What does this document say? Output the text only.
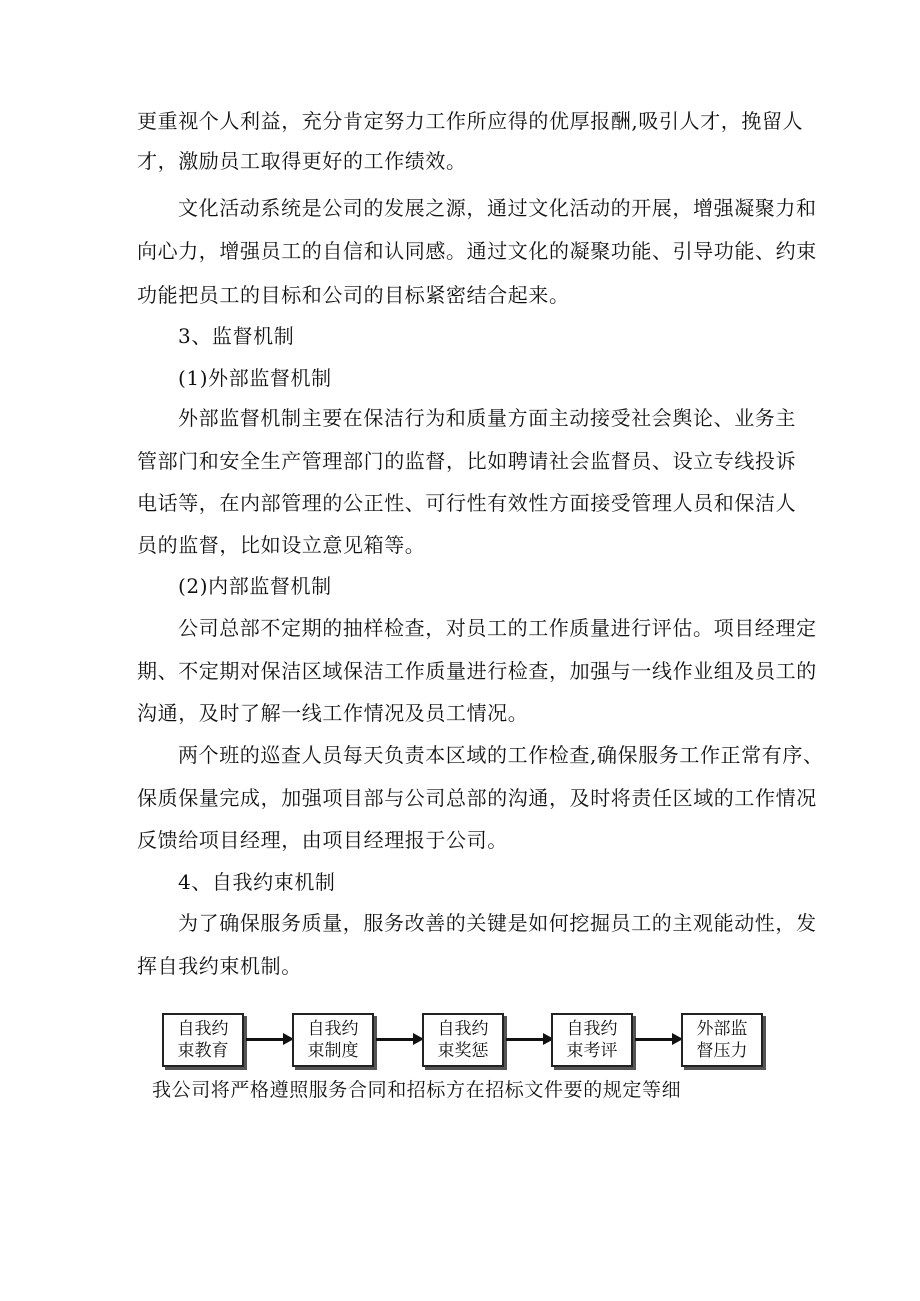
更重视个人利益，充分肯定努力工作所应得的优厚报酬,吸引人才，挽留人
才，激励员工取得更好的工作绩效。
文化活动系统是公司的发展之源，通过文化活动的开展，增强凝聚力和
向心力，增强员工的自信和认同感。通过文化的凝聚功能、引导功能、约束
功能把员工的目标和公司的目标紧密结合起来。
3、监督机制
(1)外部监督机制
外部监督机制主要在保洁行为和质量方面主动接受社会舆论、业务主
管部门和安全生产管理部门的监督，比如聘请社会监督员、设立专线投诉
电话等，在内部管理的公正性、可行性有效性方面接受管理人员和保洁人
员的监督，比如设立意见箱等。
(2)内部监督机制
公司总部不定期的抽样检查，对员工的工作质量进行评估。项目经理定
期、不定期对保洁区域保洁工作质量进行检查，加强与一线作业组及员工的
沟通，及时了解一线工作情况及员工情况。
两个班的巡查人员每天负责本区域的工作检查,确保服务工作正常有序、
保质保量完成，加强项目部与公司总部的沟通，及时将责任区域的工作情况
反馈给项目经理，由项目经理报于公司。
4、自我约束机制
为了确保服务质量，服务改善的关键是如何挖掘员工的主观能动性，发
挥自我约束机制。
自我约
束教育
自我约
束制度
自我约
束奖惩
自我约
束考评
外部监
督压力
我公司将严格遵照服务合同和招标方在招标文件要的规定等细
